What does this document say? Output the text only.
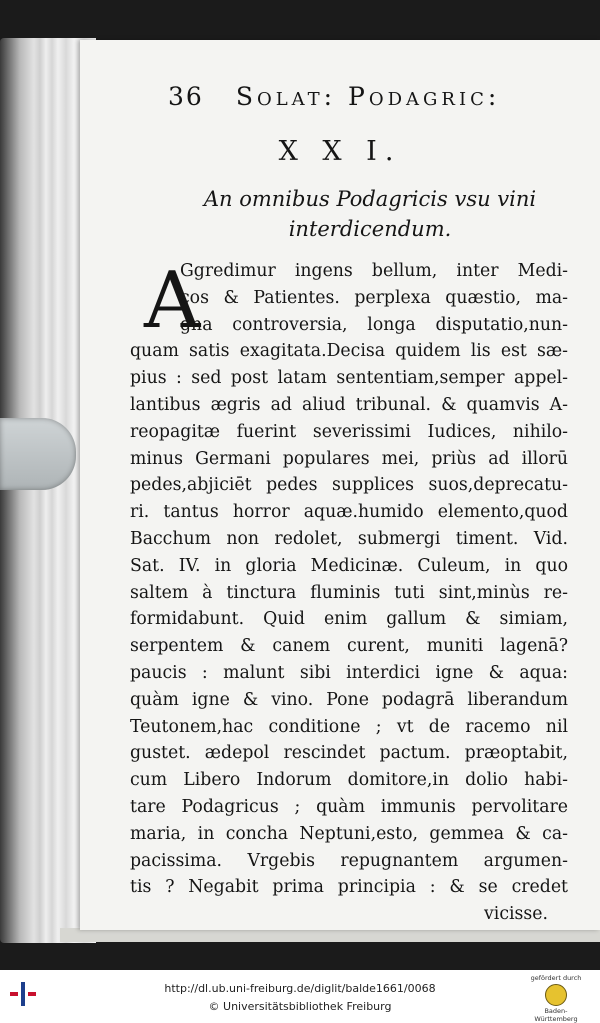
36 Solat: Podagric:
X X I.
An omnibus Podagricis vsu vini
interdicendum.
A
Ggredimur ingens bellum, inter Medi-
cos & Patientes. perplexa quæstio, ma-
gna controversia, longa disputatio,nun-
quam satis exagitata.Decisa quidem lis est sæ-
pius : sed post latam sententiam,semper appel-
lantibus ægris ad aliud tribunal. & quamvis A-
reopagitæ fuerint severissimi Iudices, nihilo-
minus Germani populares mei, priùs ad illorū
pedes,abjiciēt pedes supplices suos,deprecatu-
ri. tantus horror aquæ.humido elemento,quod
Bacchum non redolet, submergi timent. Vid.
Sat. IV. in gloria Medicinæ. Culeum, in quo
saltem à tinctura fluminis tuti sint,minùs re-
formidabunt. Quid enim gallum & simiam,
serpentem & canem curent, muniti lagenā?
paucis : malunt sibi interdici igne & aqua:
quàm igne & vino. Pone podagrā liberandum
Teutonem,hac conditione ; vt de racemo nil
gustet. ædepol rescindet pactum. præoptabit,
cum Libero Indorum domitore,in dolio habi-
tare Podagricus ; quàm immunis pervolitare
maria, in concha Neptuni,esto, gemmea & ca-
pacissima. Vrgebis repugnantem argumen-
tis ? Negabit prima principia : & se credet
vicisse.
http://dl.ub.uni-freiburg.de/diglit/balde1661/0068
© Universitätsbibliothek Freiburg
gefördert durch
Baden-Württemberg
